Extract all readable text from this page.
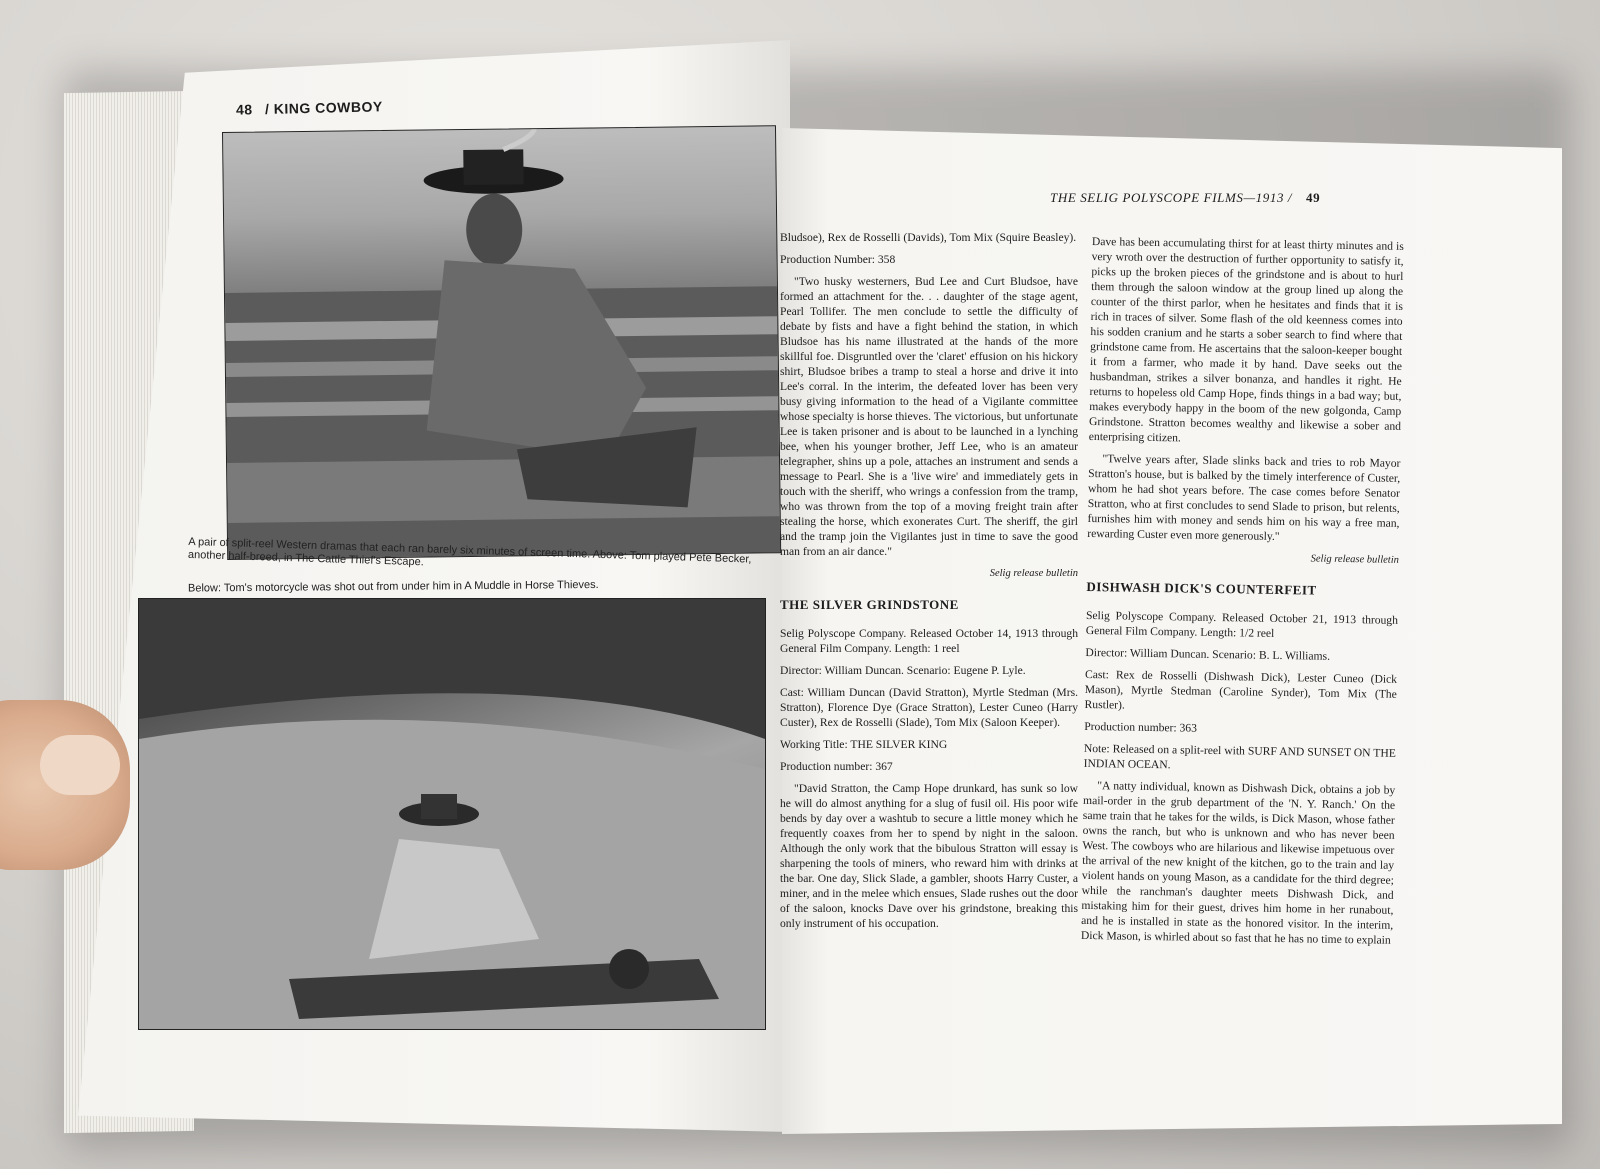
48 / KING COWBOY
A pair of split-reel Western dramas that each ran barely six minutes of screen time. Above: Tom played Pete Becker, another half-breed, in The Cattle Thief's Escape.
Below: Tom's motorcycle was shot out from under him in A Muddle in Horse Thieves.
THE SELIG POLYSCOPE FILMS—1913 / 49

Bludsoe), Rex de Rosselli (Davids), Tom Mix (Squire Beasley).

Production Number: 358

"Two husky westerners, Bud Lee and Curt Bludsoe, have formed an attachment for the. . . daughter of the stage agent, Pearl Tollifer. The men conclude to settle the difficulty of debate by fists and have a fight behind the station, in which Bludsoe has his name illustrated at the hands of the more skillful foe. Disgruntled over the 'claret' effusion on his hickory shirt, Bludsoe bribes a tramp to steal a horse and drive it into Lee's corral. In the interim, the defeated lover has been very busy giving information to the head of a Vigilante committee whose specialty is horse thieves. The victorious, but unfortunate Lee is taken prisoner and is about to be launched in a lynching bee, when his younger brother, Jeff Lee, who is an amateur telegrapher, shins up a pole, attaches an instrument and sends a message to Pearl. She is a 'live wire' and immediately gets in touch with the sheriff, who wrings a confession from the tramp, who was thrown from the top of a moving freight train after stealing the horse, which exonerates Curt. The sheriff, the girl and the tramp join the Vigilantes just in time to save the good man from an air dance."

Selig release bulletin

THE SILVER GRINDSTONE

Selig Polyscope Company. Released October 14, 1913 through General Film Company. Length: 1 reel

Director: William Duncan. Scenario: Eugene P. Lyle.

Cast: William Duncan (David Stratton), Myrtle Stedman (Mrs. Stratton), Florence Dye (Grace Stratton), Lester Cuneo (Harry Custer), Rex de Rosselli (Slade), Tom Mix (Saloon Keeper).

Working Title: THE SILVER KING

Production number: 367

"David Stratton, the Camp Hope drunkard, has sunk so low he will do almost anything for a slug of fusil oil. His poor wife bends by day over a washtub to secure a little money which he frequently coaxes from her to spend by night in the saloon. Although the only work that the bibulous Stratton will essay is sharpening the tools of miners, who reward him with drinks at the bar. One day, Slick Slade, a gambler, shoots Harry Custer, a miner, and in the melee which ensues, Slade rushes out the door of the saloon, knocks Dave over his grindstone, breaking this only instrument of his occupation.

Dave has been accumulating thirst for at least thirty minutes and is very wroth over the destruction of further opportunity to satisfy it, picks up the broken pieces of the grindstone and is about to hurl them through the saloon window at the group lined up along the counter of the thirst parlor, when he hesitates and finds that it is rich in traces of silver. Some flash of the old keenness comes into his sodden cranium and he starts a sober search to find where that grindstone came from. He ascertains that the saloon-keeper bought it from a farmer, who made it by hand. Dave seeks out the husbandman, strikes a silver bonanza, and handles it right. He returns to hopeless old Camp Hope, finds things in a bad way; but, makes everybody happy in the boom of the new golgonda, Camp Grindstone. Stratton becomes wealthy and likewise a sober and enterprising citizen.

"Twelve years after, Slade slinks back and tries to rob Mayor Stratton's house, but is balked by the timely interference of Custer, whom he had shot years before. The case comes before Senator Stratton, who at first concludes to send Slade to prison, but relents, furnishes him with money and sends him on his way a free man, rewarding Custer even more generously."

Selig release bulletin

DISHWASH DICK'S COUNTERFEIT

Selig Polyscope Company. Released October 21, 1913 through General Film Company. Length: 1/2 reel

Director: William Duncan. Scenario: B. L. Williams.

Cast: Rex de Rosselli (Dishwash Dick), Lester Cuneo (Dick Mason), Myrtle Stedman (Caroline Synder), Tom Mix (The Rustler).

Production number: 363

Note: Released on a split-reel with SURF AND SUNSET ON THE INDIAN OCEAN.

"A natty individual, known as Dishwash Dick, obtains a job by mail-order in the grub department of the 'N. Y. Ranch.' On the same train that he takes for the wilds, is Dick Mason, whose father owns the ranch, but who is unknown and who has never been West. The cowboys who are hilarious and likewise impetuous over the arrival of the new knight of the kitchen, go to the train and lay violent hands on young Mason, as a candidate for the third degree; while the ranchman's daughter meets Dishwash Dick, and mistaking him for their guest, drives him home in her runabout, and he is installed in state as the honored visitor. In the interim, Dick Mason, is whirled about so fast that he has no time to explain
